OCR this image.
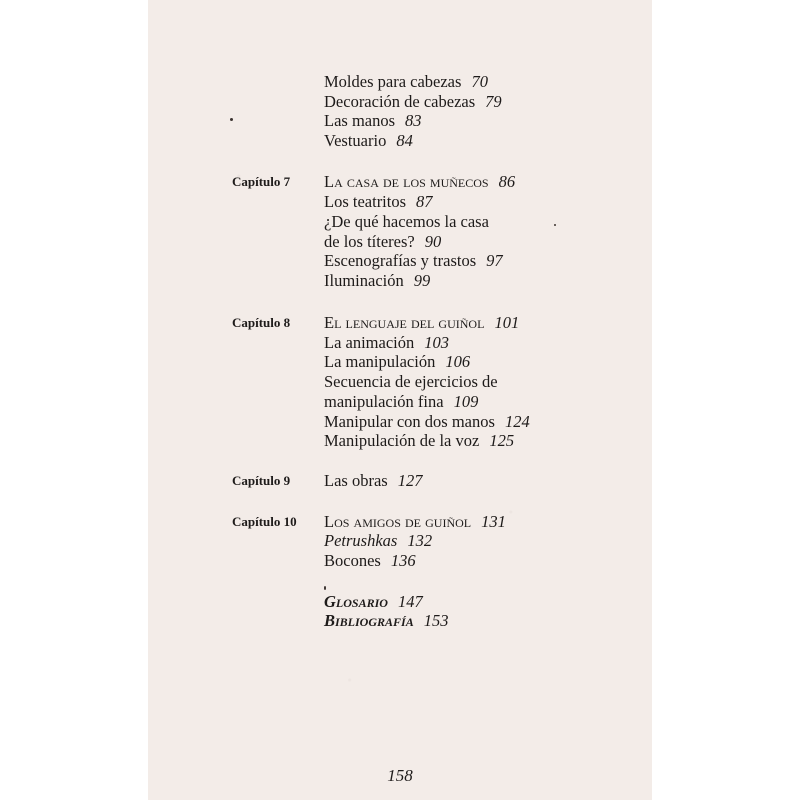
Moldes para cabezas 70
Decoración de cabezas 79
Las manos 83
Vestuario 84
Capítulo 7 La casa de los muñecos 86
Los teatritos 87
¿De qué hacemos la casa
de los títeres? 90
Escenografías y trastos 97
Iluminación 99
Capítulo 8 El lenguaje del guiñol 101
La animación 103
La manipulación 106
Secuencia de ejercicios de
manipulación fina 109
Manipular con dos manos 124
Manipulación de la voz 125
Capítulo 9 Las obras 127
Capítulo 10 Los amigos de guiñol 131
Petrushkas 132
Bocones 136
Glosario 147
Bibliografía 153
158
